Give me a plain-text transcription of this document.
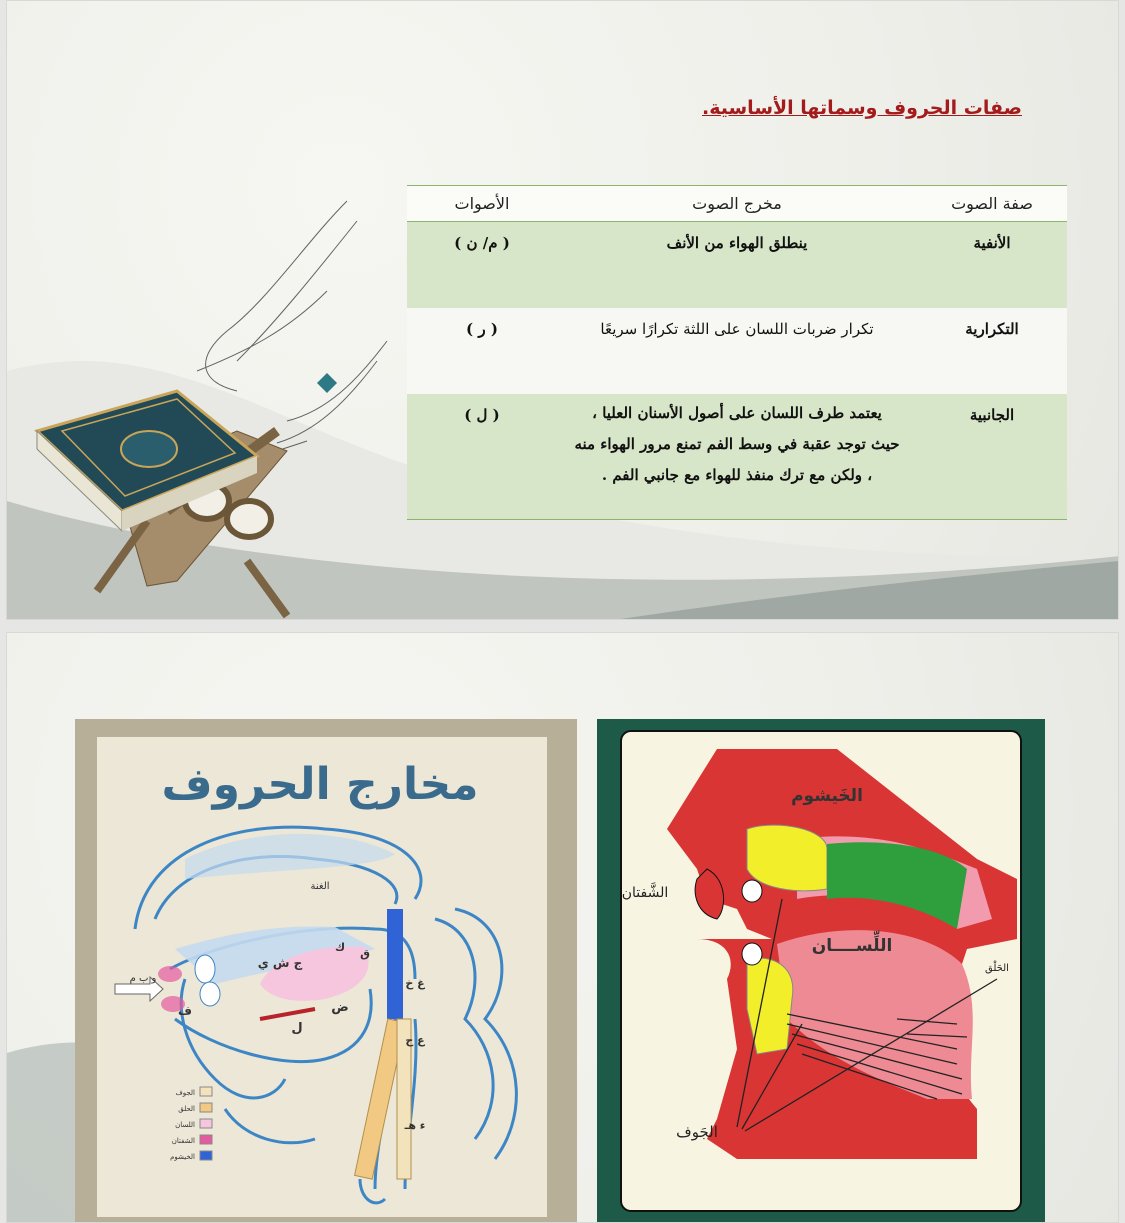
صفات الحروف وسماتها الأساسية.
صفة الصوت	مخرج الصوت	الأصوات
الأنفية	ينطلق الهواء من الأنف	( م/ ن )
التكرارية	تكرار ضربات اللسان على اللثة تكرارًا سريعًا	( ر )
الجانبية	يعتمد طرف اللسان على أصول الأسنان العليا ،
حيث توجد عقبة في وسط الفم تمنع مرور الهواء منه
، ولكن مع ترك منفذ للهواء مع جانبي الفم .	( ل )
مخارج الحروف
الغنة
و ب م
ف	ض
ل
ج ش ي
ق
ك
غ خ
ع ح
ء هـ
الجوف
الحلق
اللسان
الشفتان
الخيشوم
الخَيشوم
الشَّفتان
اللِّســــان
الحَلْق
الجَوف
